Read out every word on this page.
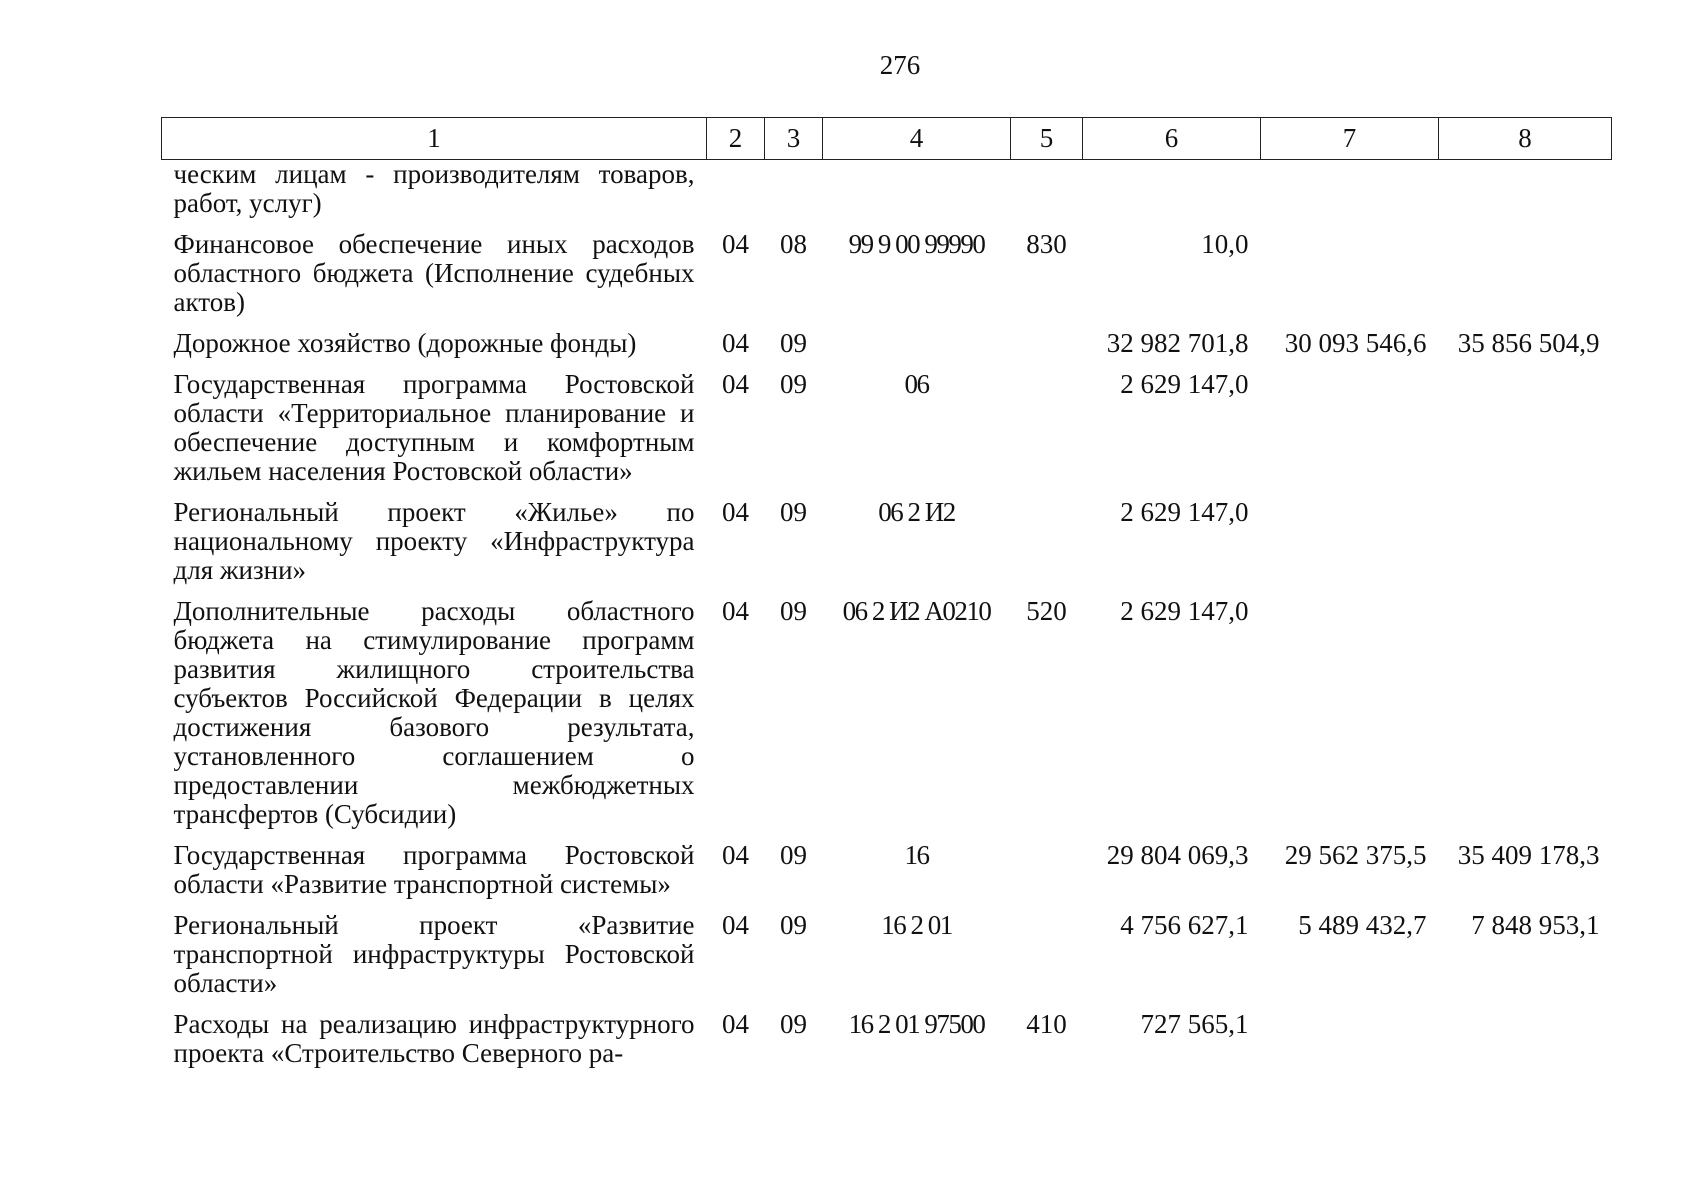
276
1	2	3	4	5	6	7	8
ческим лицам - производителям товаров, работ, услуг)							
Финансовое обеспечение иных расходов областного бюджета (Исполнение судебных актов)	04	08	99 9 00 99990	830	10,0		
Дорожное хозяйство (дорожные фонды)	04	09			32 982 701,8	30 093 546,6	35 856 504,9
Государственная программа Ростовской области «Территориальное планирование и обеспечение доступным и комфортным жильем населения Ростовской области»	04	09	06		2 629 147,0		
Региональный проект «Жилье» по национальному проекту «Инфраструктура для жизни»	04	09	06 2 И2		2 629 147,0		
Дополнительные расходы областного бюджета на стимулирование программ развития жилищного строительства субъектов Российской Федерации в целях достижения базового результата, установленного соглашением о предоставлении межбюджетных трансфертов (Субсидии)	04	09	06 2 И2 А0210	520	2 629 147,0		
Государственная программа Ростовской области «Развитие транспортной системы»	04	09	16		29 804 069,3	29 562 375,5	35 409 178,3
Региональный проект «Развитие транспортной инфраструктуры Ростовской области»	04	09	16 2 01		4 756 627,1	5 489 432,7	7 848 953,1
Расходы на реализацию инфраструктурного проекта «Строительство Северного ра-	04	09	16 2 01 97500	410	727 565,1		
